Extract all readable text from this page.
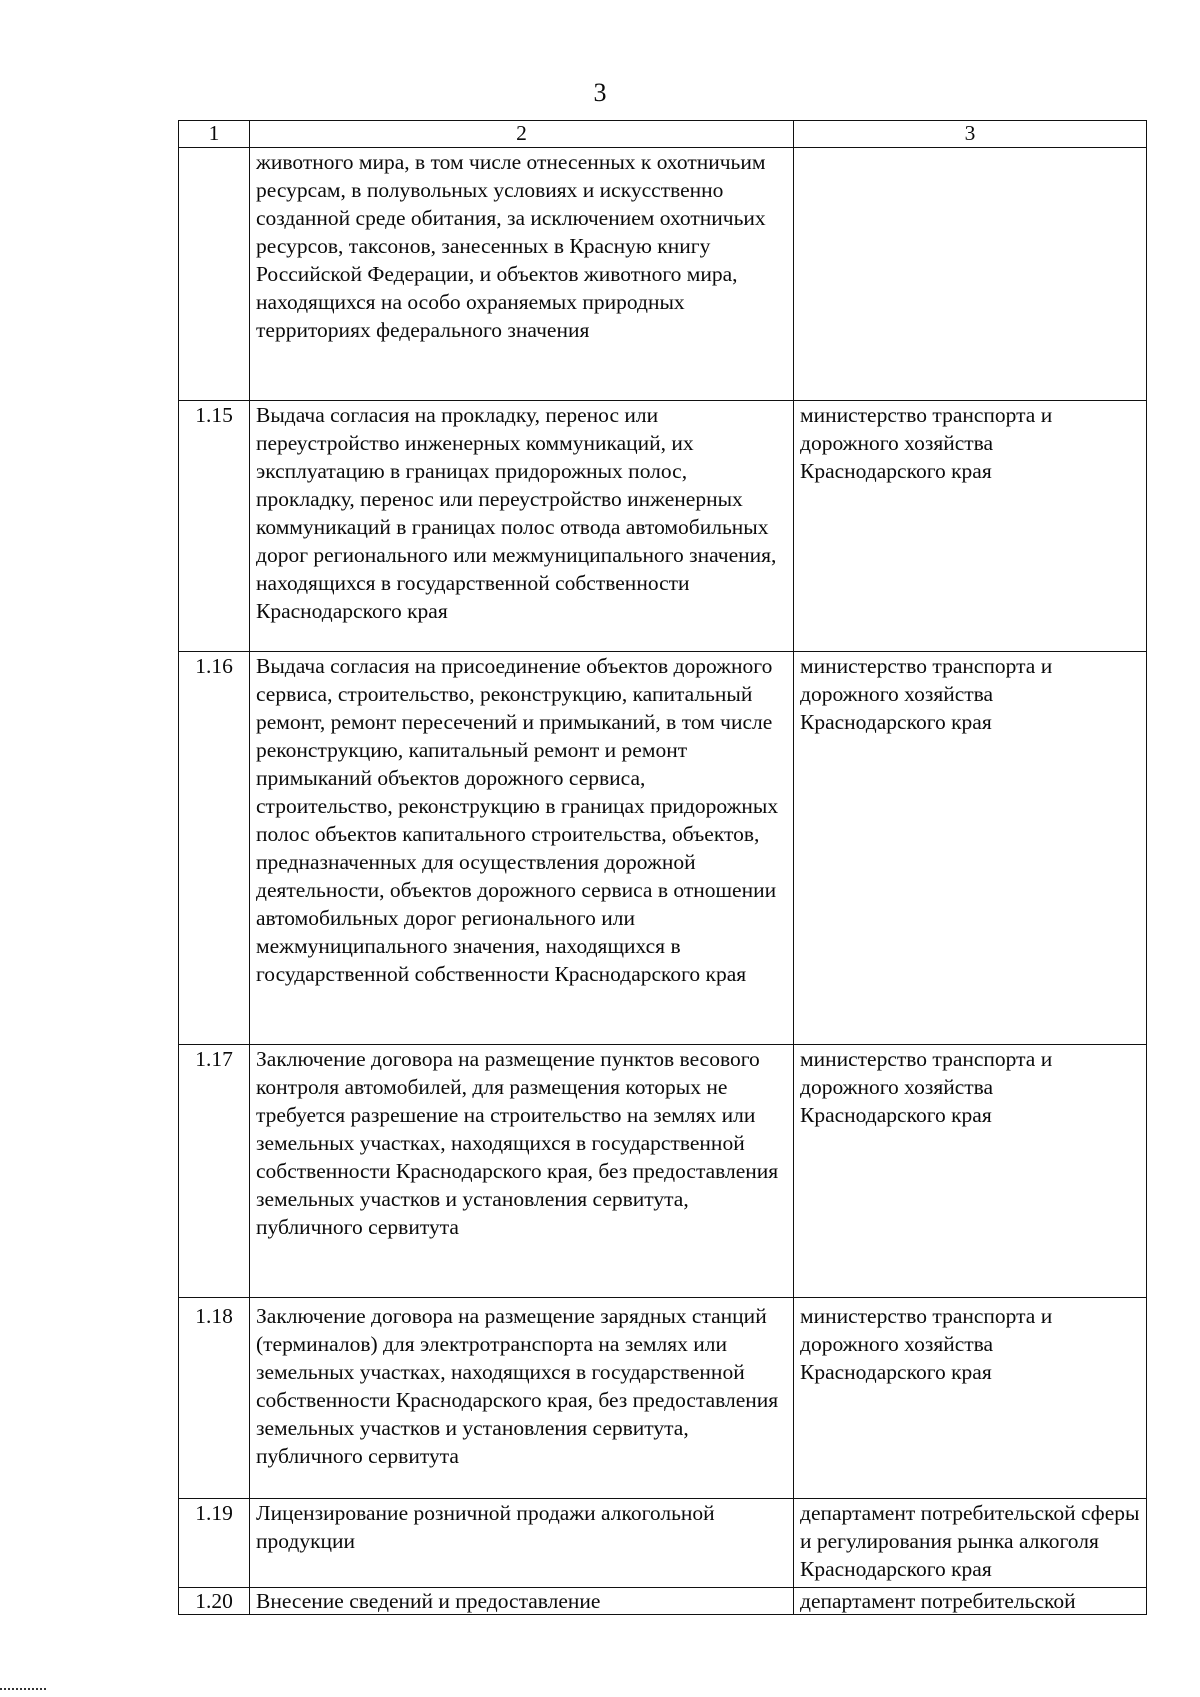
3
1	2	3
	животного мира, в том числе отнесенных к охотничьим ресурсам, в полувольных условиях и искусственно созданной среде обитания, за исключением охотничьих ресурсов, таксонов, занесенных в Красную книгу Российской Федерации, и объектов животного мира, находящихся на особо охраняемых природных территориях федерального значения	
1.15	Выдача согласия на прокладку, перенос или переустройство инженерных коммуникаций, их эксплуатацию в границах придорожных полос, прокладку, перенос или переустройство инженерных коммуникаций в границах полос отвода автомобильных дорог регионального или межмуниципального значения, находящихся в государственной собственности Краснодарского края	министерство транспорта и дорожного хозяйства Краснодарского края
1.16	Выдача согласия на присоединение объектов дорожного сервиса, строительство, реконструкцию, капитальный ремонт, ремонт пересечений и примыканий, в том числе реконструкцию, капитальный ремонт и ремонт примыканий объектов дорожного сервиса, строительство, реконструкцию в границах придорожных полос объектов капитального строительства, объектов, предназначенных для осуществления дорожной деятельности, объектов дорожного сервиса в отношении автомобильных дорог регионального или межмуниципального значения, находящихся в государственной собственности Краснодарского края	министерство транспорта и дорожного хозяйства Краснодарского края
1.17	Заключение договора на размещение пунктов весового контроля автомобилей, для размещения которых не требуется разрешение на строительство на землях или земельных участках, находящихся в государственной собственности Краснодарского края, без предоставления земельных участков и установления сервитута, публичного сервитута	министерство транспорта и дорожного хозяйства Краснодарского края
1.18	Заключение договора на размещение зарядных станций (терминалов) для электротранспорта на землях или земельных участках, находящихся в государственной собственности Краснодарского края, без предоставления земельных участков и установления сервитута, публичного сервитута	министерство транспорта и дорожного хозяйства Краснодарского края
1.19	Лицензирование розничной продажи алкогольной продукции	департамент потребительской сферы и регулирования рынка алкоголя Краснодарского края
1.20	Внесение сведений и предоставление	департамент потребительской
